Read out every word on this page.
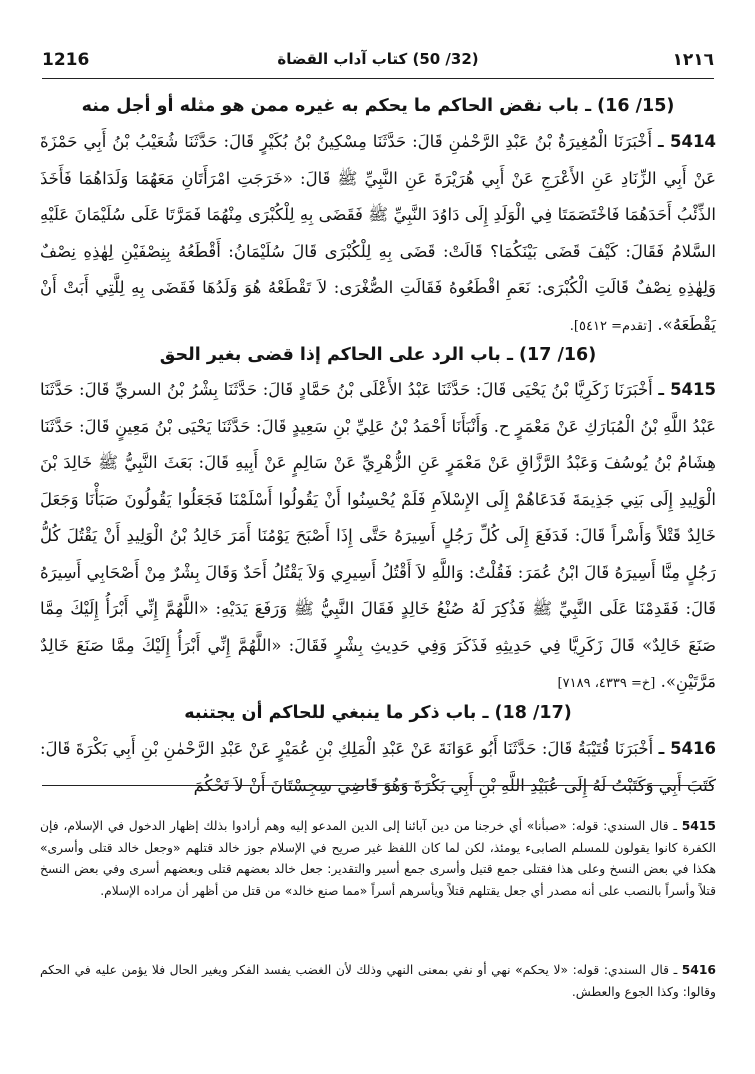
1216	(32/ 50) كتاب آداب القضاة	١٢١٦
(15/ 16) ـ باب نقض الحاكم ما يحكم به غيره ممن هو مثله أو أجل منه
5414 ـ أَخْبَرَنَا الْمُغِيرَةُ بْنُ عَبْدِ الرَّحْمٰنِ قَالَ: حَدَّثَنَا مِسْكِينُ بْنُ بُكَيْرٍ قَالَ: حَدَّثَنَا شُعَيْبُ بْنُ أَبِي حَمْزَةَ عَنْ أَبِي الزِّنَادِ عَنِ الأَعْرَجِ عَنْ أَبِي هُرَيْرَةَ عَنِ النَّبِيِّ ﷺ قَالَ: «خَرَجَتِ امْرَأَتَانِ مَعَهُمَا وَلَدَاهُمَا فَأَخَذَ الذِّئْبُ أَحَدَهُمَا فَاخْتَصَمَتَا فِي الْوَلَدِ إِلَى دَاوُدَ النَّبِيِّ ﷺ فَقَضَى بِهِ لِلْكُبْرَى مِنْهُمَا فَمَرَّتَا عَلَى سُلَيْمَانَ عَلَيْهِ السَّلامُ فَقَالَ: كَيْفَ قَضَى بَيْنَكُمَا؟ قَالَتْ: قَضَى بِهِ لِلْكُبْرَى قَالَ سُلَيْمَانُ: أَقْطَعُهُ بِنِصْفَيْنِ لِهٰذِهِ نِصْفٌ وَلِهٰذِهِ نِصْفٌ قَالَتِ الْكُبْرَى: نَعَمِ اقْطَعُوهُ فَقَالَتِ الصُّغْرَى: لاَ تَقْطَعْهُ هُوَ وَلَدُهَا فَقَضَى بِهِ لِلَّتِي أَبَتْ أَنْ يَقْطَعَهُ». [تقدم= ٥٤١٢].
(16/ 17) ـ باب الرد على الحاكم إذا قضى بغير الحق
5415 ـ أَخْبَرَنَا زَكَرِيَّا بْنُ يَحْيَى قَالَ: حَدَّثَنَا عَبْدُ الأَعْلَى بْنُ حَمَّادٍ قَالَ: حَدَّثَنَا بِشْرُ بْنُ السريِّ قَالَ: حَدَّثَنَا عَبْدُ اللَّهِ بْنُ الْمُبَارَكِ عَنْ مَعْمَرٍ ح. وَأَنْبَأَنَا أَحْمَدُ بْنُ عَلِيِّ بْنِ سَعِيدٍ قَالَ: حَدَّثَنَا يَحْيَى بْنُ مَعِينٍ قَالَ: حَدَّثَنَا هِشَامُ بْنُ يُوسُفَ وَعَبْدُ الرَّزَّاقِ عَنْ مَعْمَرٍ عَنِ الزُّهْرِيِّ عَنْ سَالِمٍ عَنْ أَبِيهِ قَالَ: بَعَثَ النَّبِيُّ ﷺ خَالِدَ بْنَ الْوَلِيدِ إِلَى بَنِي جَذِيمَةَ فَدَعَاهُمْ إِلَى الإِسْلاَمِ فَلَمْ يُحْسِنُوا أَنْ يَقُولُوا أَسْلَمْنَا فَجَعَلُوا يَقُولُونَ صَبَأْنَا وَجَعَلَ خَالِدٌ قَتْلاً وَأَسْراً قَالَ: فَدَفَعَ إِلَى كُلِّ رَجُلٍ أَسِيرَهُ حَتَّى إِذَا أَصْبَحَ يَوْمُنَا أَمَرَ خَالِدُ بْنُ الْوَلِيدِ أَنْ يَقْتُلَ كُلُّ رَجُلٍ مِنَّا أَسِيرَهُ قَالَ ابْنُ عُمَرَ: فَقُلْتُ: وَاللَّهِ لاَ أَقْتُلُ أَسِيرِي وَلاَ يَقْتُلُ أَحَدٌ وَقَالَ بِشْرٌ مِنْ أَصْحَابِي أَسِيرَهُ قَالَ: فَقَدِمْنَا عَلَى النَّبِيِّ ﷺ فَذُكِرَ لَهُ صُنْعُ خَالِدٍ فَقَالَ النَّبِيُّ ﷺ وَرَفَعَ يَدَيْهِ: «اللَّهُمَّ إِنِّي أَبْرَأُ إِلَيْكَ مِمَّا صَنَعَ خَالِدٌ» قَالَ زَكَرِيَّا فِي حَدِيثِهِ فَذَكَرَ وَفِي حَدِيثِ بِشْرٍ فَقَالَ: «اللَّهُمَّ إِنِّي أَبْرَأُ إِلَيْكَ مِمَّا صَنَعَ خَالِدٌ مَرَّتَيْنِ». [خ= ٤٣٣٩، ٧١٨٩]
(17/ 18) ـ باب ذكر ما ينبغي للحاكم أن يجتنبه
5416 ـ أَخْبَرَنَا قُتَيْبَةُ قَالَ: حَدَّثَنَا أَبُو عَوَانَةَ عَنْ عَبْدِ الْمَلِكِ بْنِ عُمَيْرٍ عَنْ عَبْدِ الرَّحْمٰنِ بْنِ أَبِي بَكْرَةَ قَالَ: كَتَبَ أَبِي وَكَتَبْتُ لَهُ إِلَى عُبَيْدِ اللَّهِ بْنِ أَبِي بَكْرَةَ وَهُوَ قَاضِي سِجِسْتَانَ أَنْ لاَ تَحْكُمَ
5415 ـ قال السندي: قوله: «صبأنا» أي خرجنا من دين آبائنا إلى الدين المدعو إليه وهم أرادوا بذلك إظهار الدخول في الإسلام، فإن الكفرة كانوا يقولون للمسلم الصابىء يومئذ، لكن لما كان اللفظ غير صريح في الإسلام جوز خالد قتلهم «وجعل خالد قتلى وأسرى» هكذا في بعض النسخ وعلى هذا فقتلى جمع قتيل وأسرى جمع أسير والتقدير: جعل خالد بعضهم قتلى وبعضهم أسرى وفي بعض النسخ قتلاً وأسراً بالنصب على أنه مصدر أي جعل يقتلهم قتلاً ويأسرهم أسراً «مما صنع خالد» من قتل من أظهر أن مراده الإسلام.
5416 ـ قال السندي: قوله: «لا يحكم» نهي أو نفي بمعنى النهي وذلك لأن الغضب يفسد الفكر ويغير الحال فلا يؤمن عليه في الحكم وقالوا: وكذا الجوع والعطش.
